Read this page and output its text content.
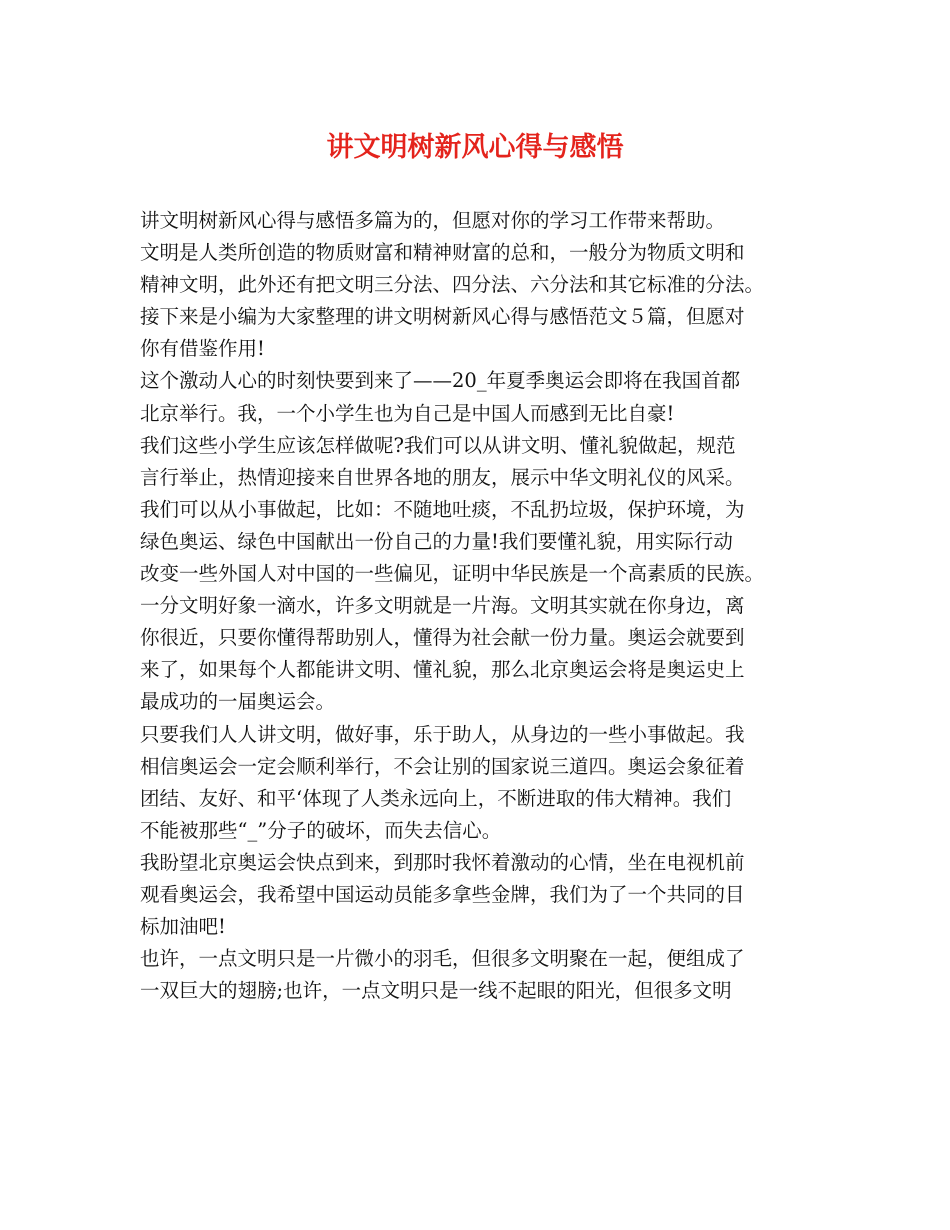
讲文明树新风心得与感悟
讲文明树新风心得与感悟多篇为的，但愿对你的学习工作带来帮助。
文明是人类所创造的物质财富和精神财富的总和，一般分为物质文明和
精神文明，此外还有把文明三分法、四分法、六分法和其它标准的分法。
接下来是小编为大家整理的讲文明树新风心得与感悟范文５篇，但愿对
你有借鉴作用!
这个激动人心的时刻快要到来了——20_年夏季奥运会即将在我国首都
北京举行。我，一个小学生也为自己是中国人而感到无比自豪!
我们这些小学生应该怎样做呢?我们可以从讲文明、懂礼貌做起，规范
言行举止，热情迎接来自世界各地的朋友，展示中华文明礼仪的风采。
我们可以从小事做起，比如：不随地吐痰，不乱扔垃圾，保护环境，为
绿色奥运、绿色中国献出一份自己的力量!我们要懂礼貌，用实际行动
改变一些外国人对中国的一些偏见，证明中华民族是一个高素质的民族。
一分文明好象一滴水，许多文明就是一片海。文明其实就在你身边，离
你很近，只要你懂得帮助别人，懂得为社会献一份力量。奥运会就要到
来了，如果每个人都能讲文明、懂礼貌，那么北京奥运会将是奥运史上
最成功的一届奥运会。
只要我们人人讲文明，做好事，乐于助人，从身边的一些小事做起。我
相信奥运会一定会顺利举行，不会让别的国家说三道四。奥运会象征着
团结、友好、和平‘体现了人类永远向上，不断进取的伟大精神。我们
不能被那些“_”分子的破坏，而失去信心。
我盼望北京奥运会快点到来，到那时我怀着激动的心情，坐在电视机前
观看奥运会，我希望中国运动员能多拿些金牌，我们为了一个共同的目
标加油吧!
也许，一点文明只是一片微小的羽毛，但很多文明聚在一起，便组成了
一双巨大的翅膀;也许，一点文明只是一线不起眼的阳光，但很多文明
